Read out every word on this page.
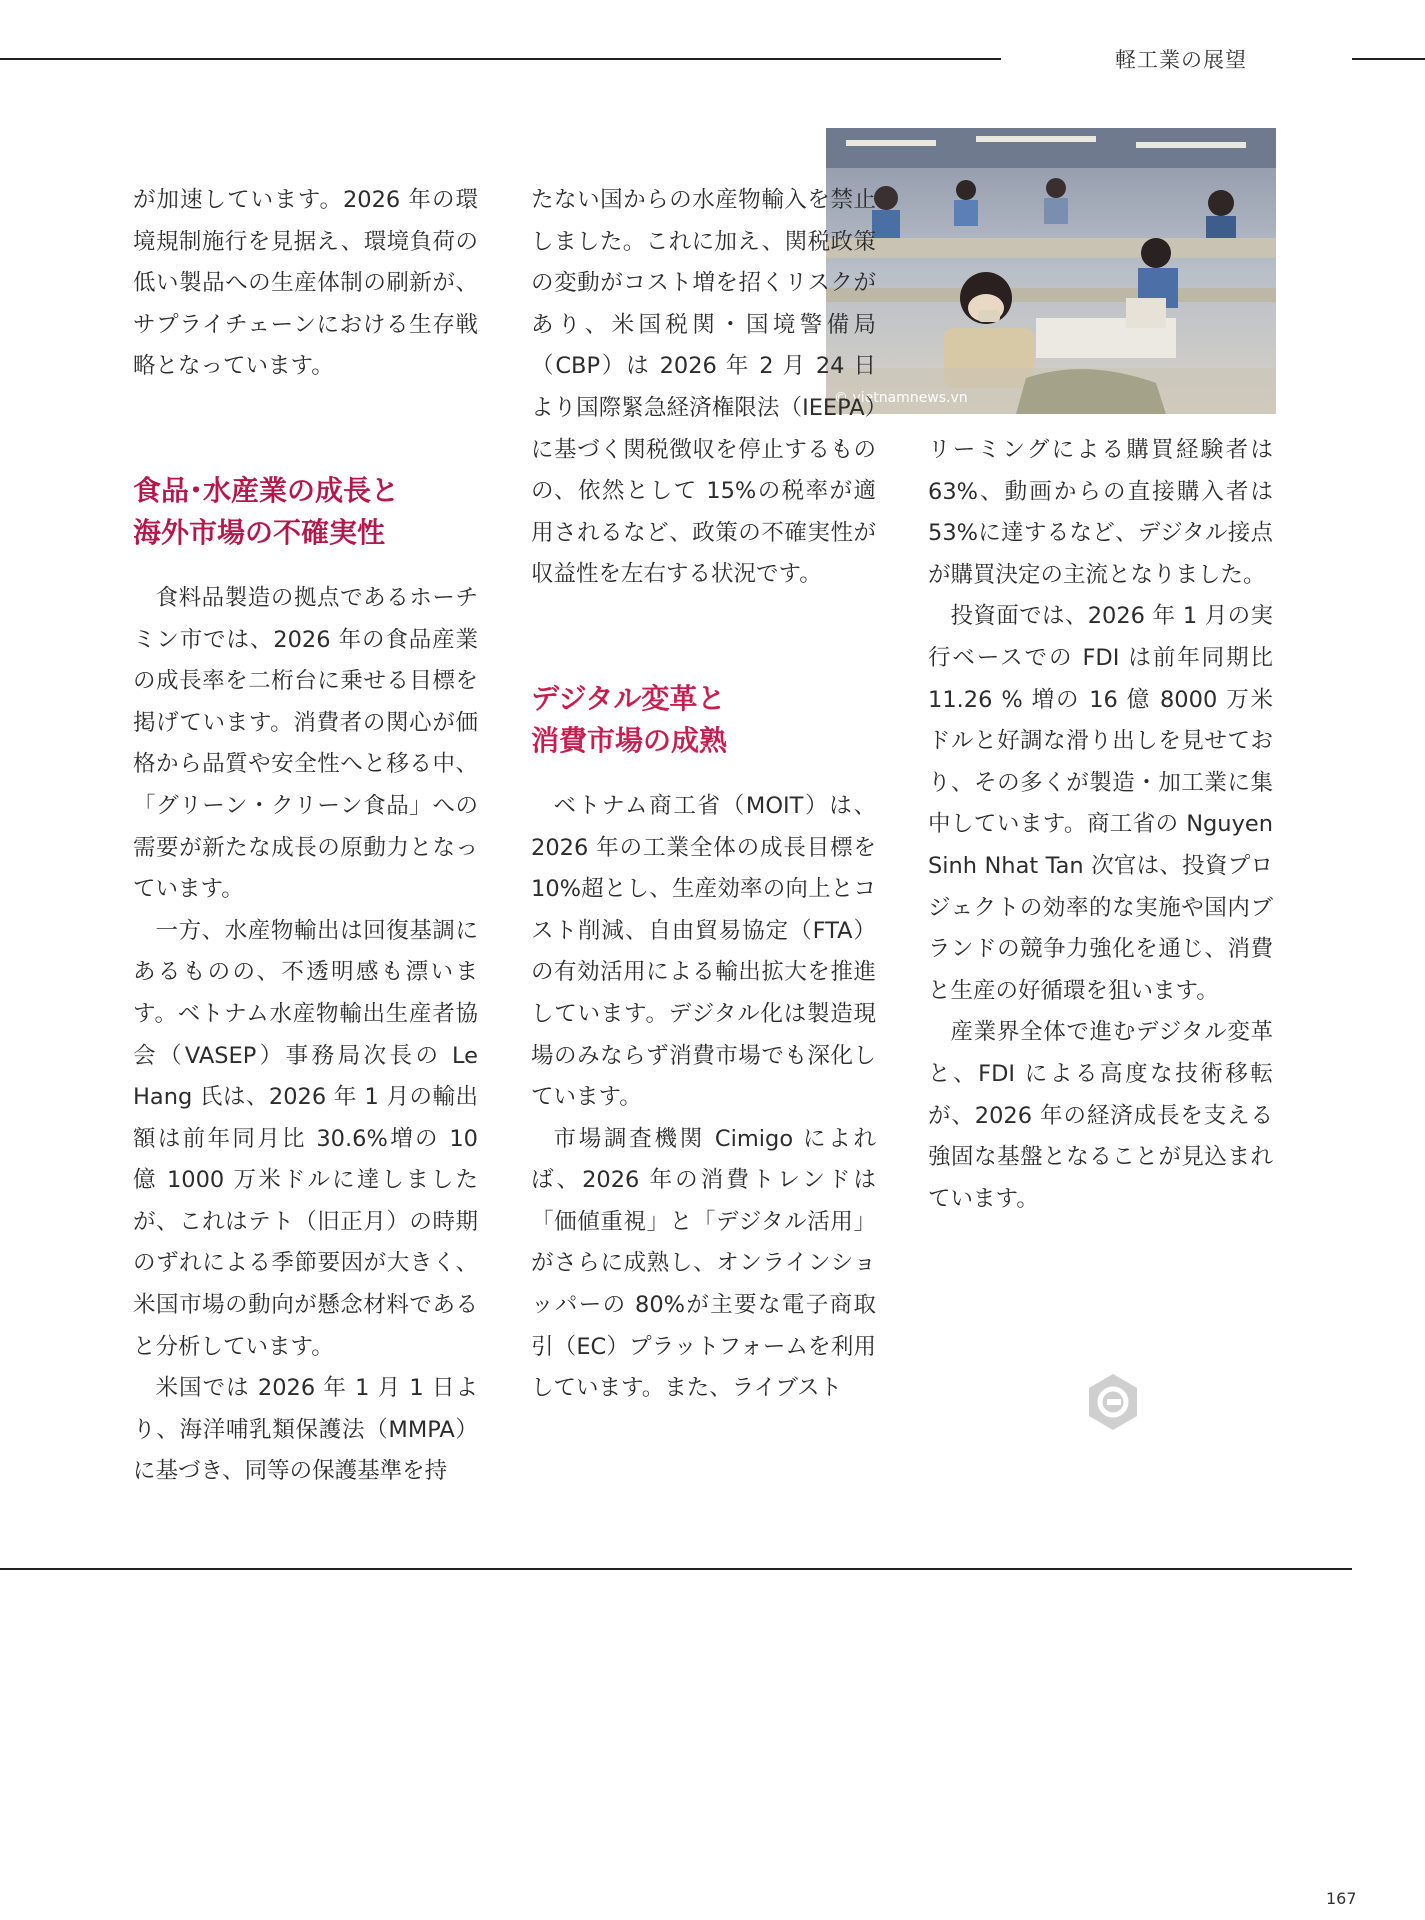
軽工業の展望
© vietnamnews.vn

が加速しています。2026 年の環境規制施行を見据え、環境負荷の低い製品への生産体制の刷新が、サプライチェーンにおける生存戦略となっています。

食品･水産業の成長と
海外市場の不確実性

食料品製造の拠点であるホーチミン市では、2026 年の食品産業の成長率を二桁台に乗せる目標を掲げています。消費者の関心が価格から品質や安全性へと移る中、「グリーン・クリーン食品」への需要が新たな成長の原動力となっています。

一方、水産物輸出は回復基調にあるものの、不透明感も漂います。ベトナム水産物輸出生産者協会（VASEP）事務局次長の Le Hang 氏は、2026 年 1 月の輸出額は前年同月比 30.6%増の 10 億 1000 万米ドルに達しましたが、これはテト（旧正月）の時期のずれによる季節要因が大きく、米国市場の動向が懸念材料であると分析しています。

米国では 2026 年 1 月 1 日より、海洋哺乳類保護法（MMPA）に基づき、同等の保護基準を持

たない国からの水産物輸入を禁止しました。これに加え、関税政策の変動がコスト増を招くリスクがあり、米国税関・国境警備局（CBP）は 2026 年 2 月 24 日より国際緊急経済権限法（IEEPA）に基づく関税徴収を停止するものの、依然として 15%の税率が適用されるなど、政策の不確実性が収益性を左右する状況です。

デジタル変革と
消費市場の成熟

ベトナム商工省（MOIT）は、2026 年の工業全体の成長目標を 10%超とし、生産効率の向上とコスト削減、自由貿易協定（FTA）の有効活用による輸出拡大を推進しています。デジタル化は製造現場のみならず消費市場でも深化しています。

市場調査機関 Cimigo によれば、2026 年の消費トレンドは「価値重視」と「デジタル活用」がさらに成熟し、オンラインショッパーの 80%が主要な電子商取引（EC）プラットフォームを利用しています。また、ライブスト

リーミングによる購買経験者は 63%、動画からの直接購入者は 53%に達するなど、デジタル接点が購買決定の主流となりました。

投資面では、2026 年 1 月の実行ベースでの FDI は前年同期比 11.26 % 増の 16 億 8000 万米ドルと好調な滑り出しを見せており、その多くが製造・加工業に集中しています。商工省の Nguyen Sinh Nhat Tan 次官は、投資プロジェクトの効率的な実施や国内ブランドの競争力強化を通じ、消費と生産の好循環を狙います。

産業界全体で進むデジタル変革と、FDI による高度な技術移転が、2026 年の経済成長を支える強固な基盤となることが見込まれています。

167
